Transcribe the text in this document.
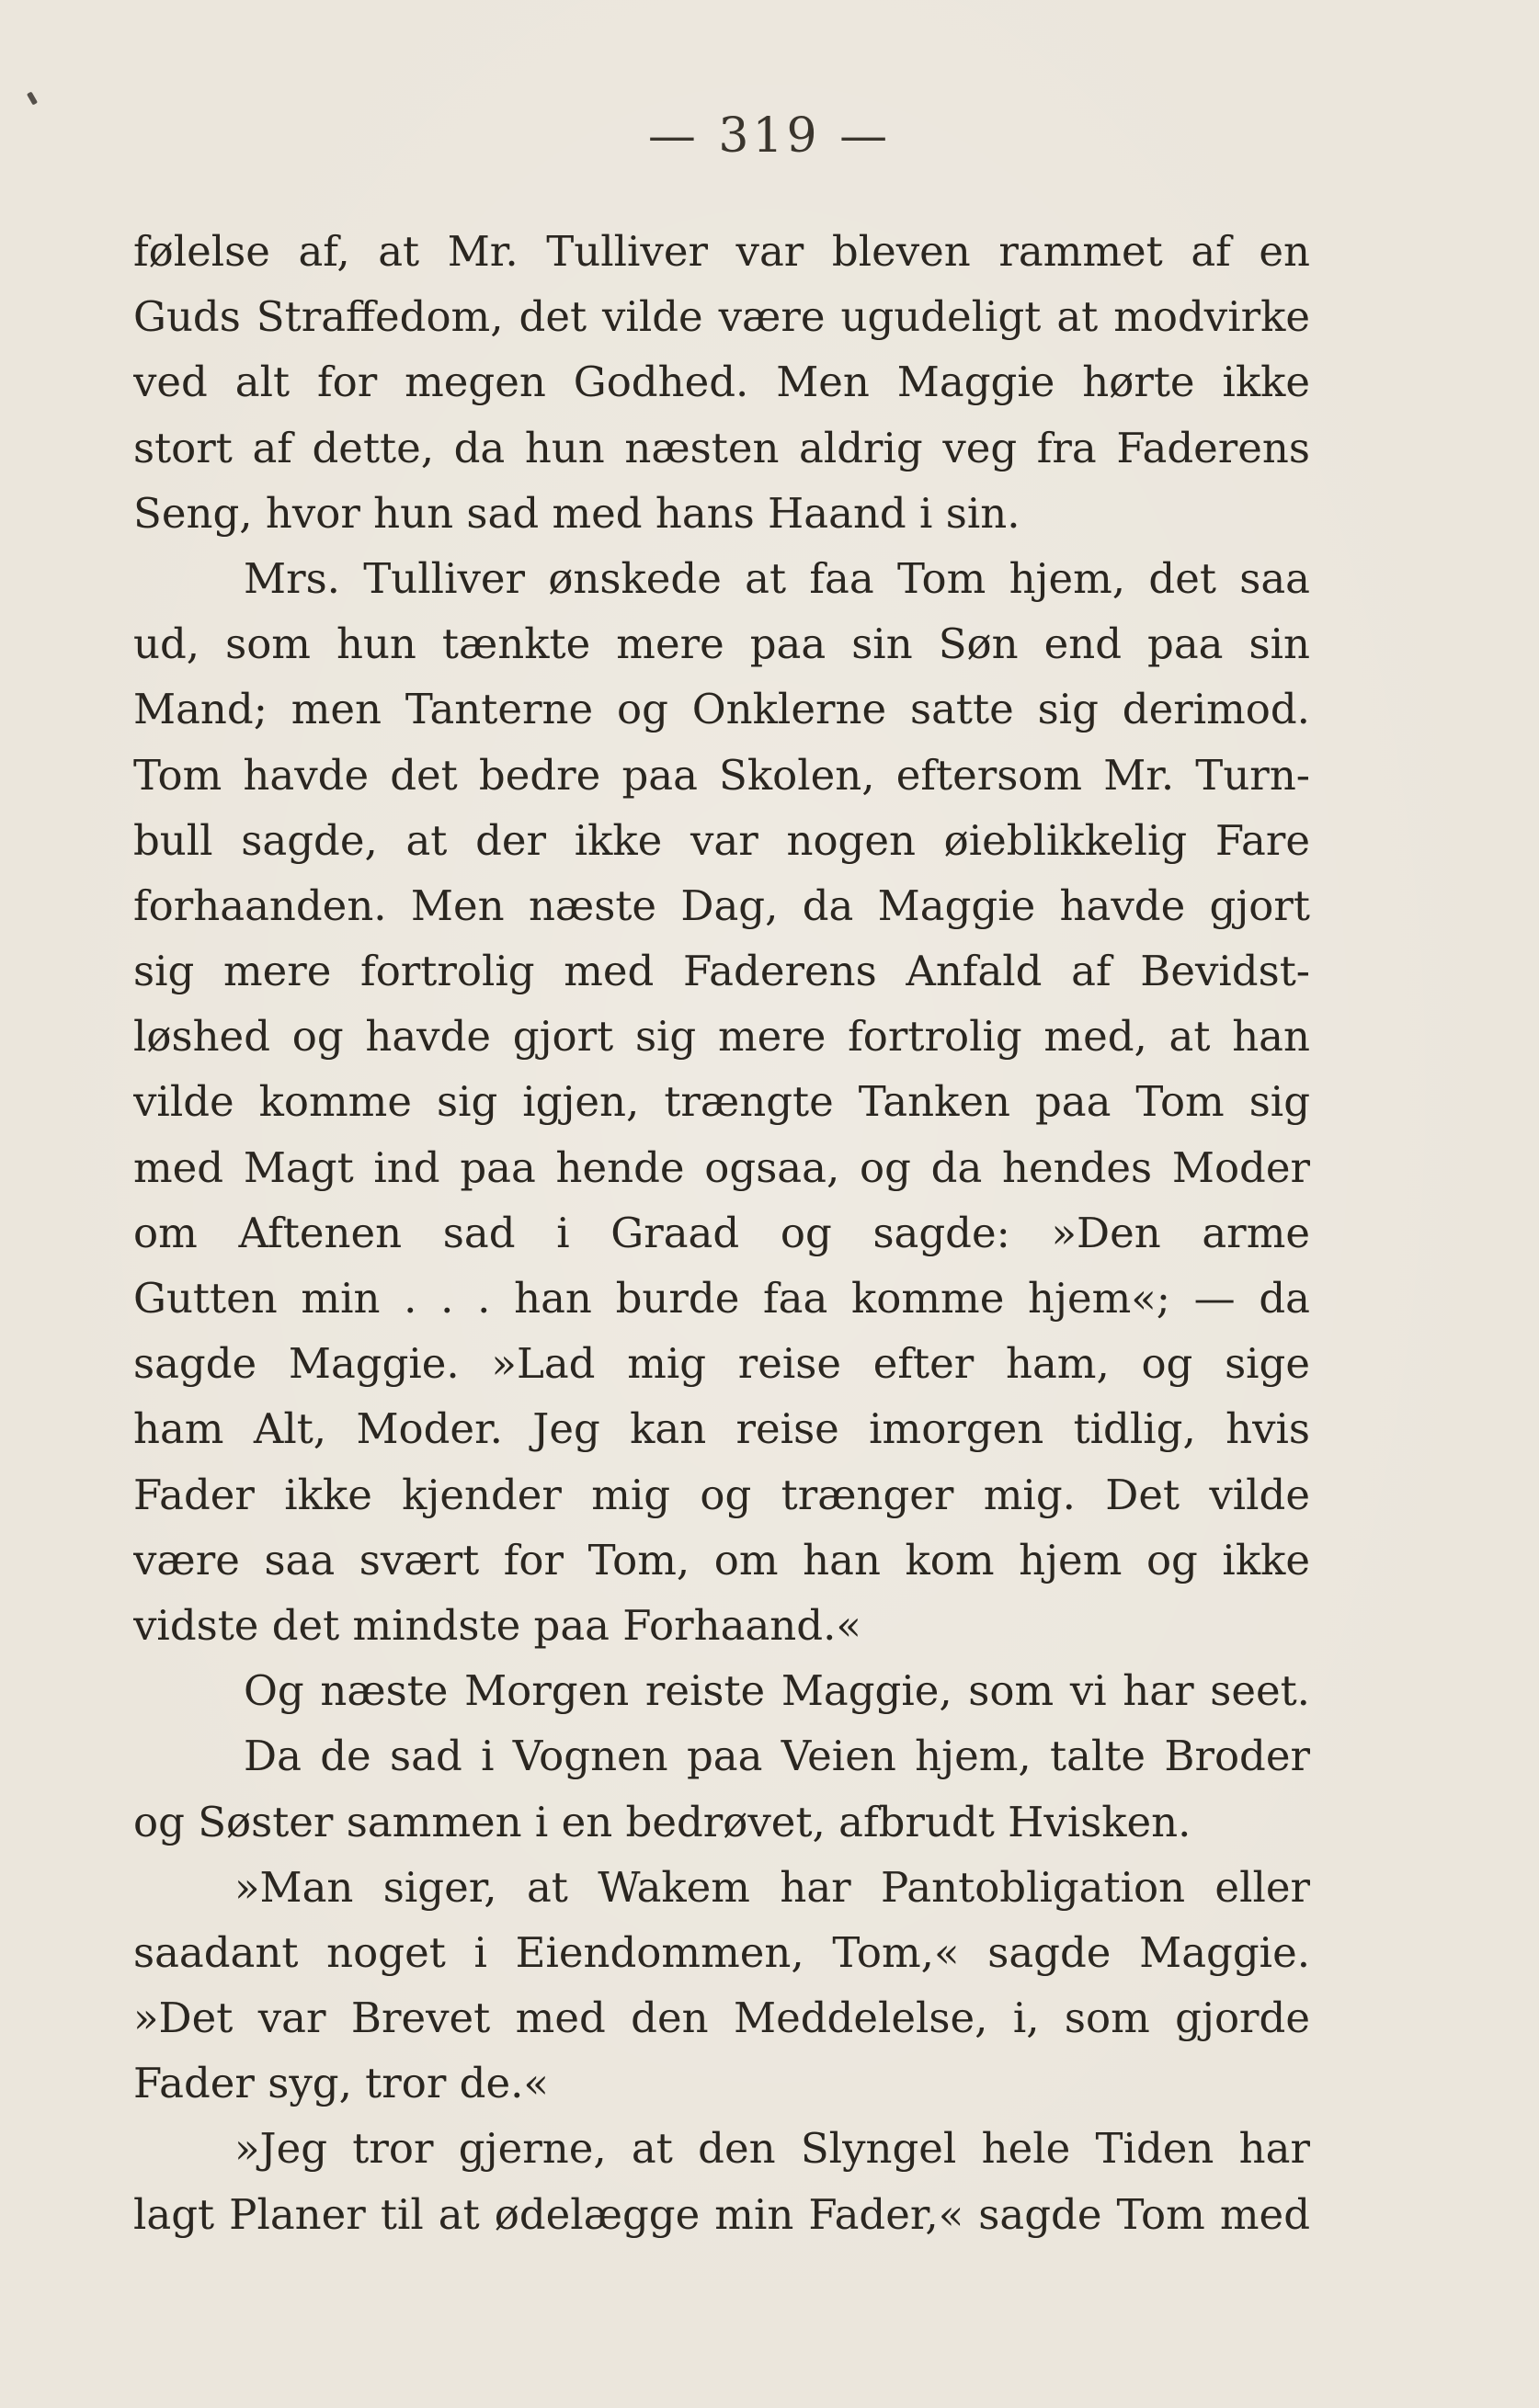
— 319 —
følelse af, at Mr. Tulliver var bleven rammet af en
Guds Straffedom, det vilde være ugudeligt at modvirke
ved alt for megen Godhed. Men Maggie hørte ikke
stort af dette, da hun næsten aldrig veg fra Faderens
Seng, hvor hun sad med hans Haand i sin.
Mrs. Tulliver ønskede at faa Tom hjem, det saa
ud, som hun tænkte mere paa sin Søn end paa sin
Mand; men Tanterne og Onklerne satte sig derimod.
Tom havde det bedre paa Skolen, eftersom Mr. Turn-
bull sagde, at der ikke var nogen øieblikkelig Fare
forhaanden. Men næste Dag, da Maggie havde gjort
sig mere fortrolig med Faderens Anfald af Bevidst-
løshed og havde gjort sig mere fortrolig med, at han
vilde komme sig igjen, trængte Tanken paa Tom sig
med Magt ind paa hende ogsaa, og da hendes Moder
om Aftenen sad i Graad og sagde: »Den arme
Gutten min . . . han burde faa komme hjem«; — da
sagde Maggie. »Lad mig reise efter ham, og sige
ham Alt, Moder. Jeg kan reise imorgen tidlig, hvis
Fader ikke kjender mig og trænger mig. Det vilde
være saa svært for Tom, om han kom hjem og ikke
vidste det mindste paa Forhaand.«
Og næste Morgen reiste Maggie, som vi har seet.
Da de sad i Vognen paa Veien hjem, talte Broder
og Søster sammen i en bedrøvet, afbrudt Hvisken.
»Man siger, at Wakem har Pantobligation eller
saadant noget i Eiendommen, Tom,« sagde Maggie.
»Det var Brevet med den Meddelelse, i, som gjorde
Fader syg, tror de.«
»Jeg tror gjerne, at den Slyngel hele Tiden har
lagt Planer til at ødelægge min Fader,« sagde Tom med
